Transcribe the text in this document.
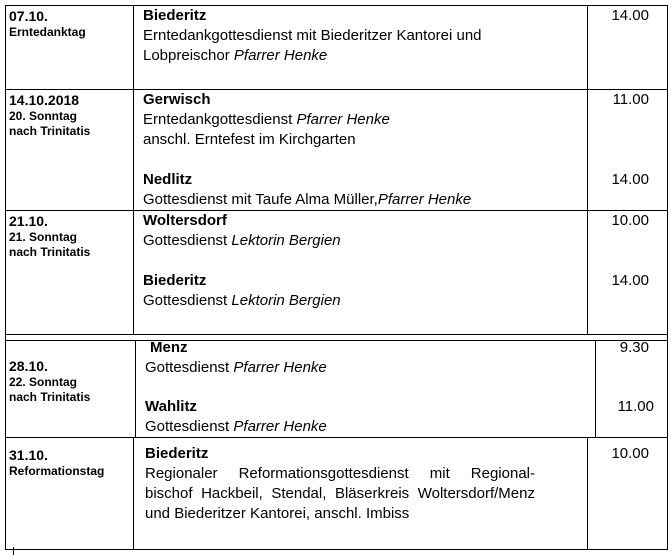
07.10.
Erntedanktag
Biederitz
Erntedankgottesdienst mit Biederitzer Kantorei und
Lobpreischor Pfarrer Henke
14.00
14.10.2018
20. Sonntag
nach Trinitatis
Gerwisch
Erntedankgottesdienst Pfarrer Henke
anschl. Erntefest im Kirchgarten
11.00
Nedlitz
Gottesdienst mit Taufe Alma Müller,Pfarrer Henke
14.00
21.10.
21. Sonntag
nach Trinitatis
Woltersdorf
Gottesdienst Lektorin Bergien
10.00
Biederitz
Gottesdienst Lektorin Bergien
14.00
28.10.
22. Sonntag
nach Trinitatis
Menz
Gottesdienst Pfarrer Henke
9.30
Wahlitz
Gottesdienst Pfarrer Henke
11.00
31.10.
Reformationstag
Biederitz
Regionaler Reformationsgottesdienst mit Regional-
bischof Hackbeil, Stendal, Bläserkreis Woltersdorf/Menz
und Biederitzer Kantorei, anschl. Imbiss
10.00
